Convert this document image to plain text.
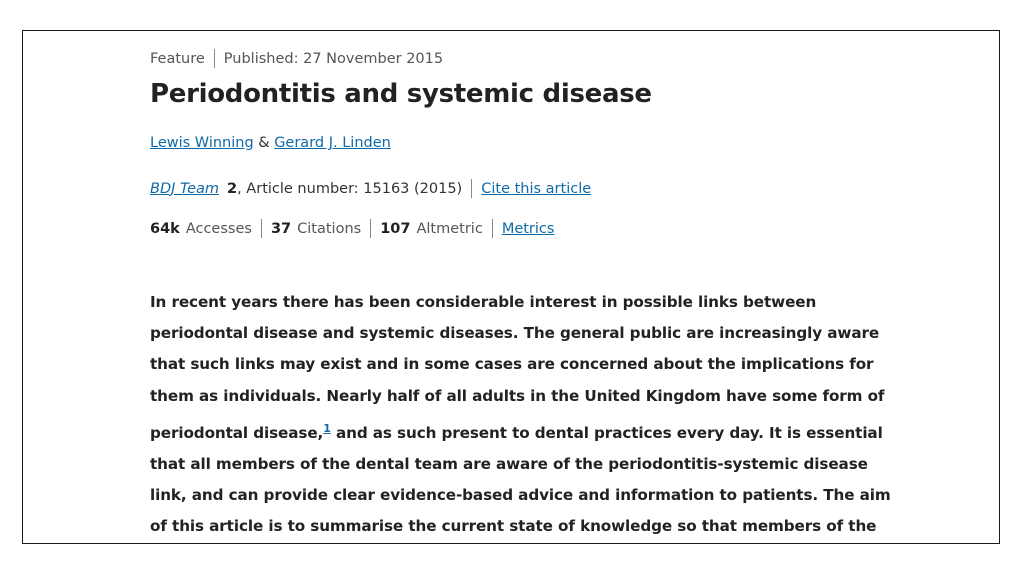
Feature Published: 27 November 2015
Periodontitis and systemic disease
Lewis Winning & Gerard J. Linden
BDJ Team 2 , Article number: 15163 (2015) Cite this article
64k Accesses 37 Citations 107 Altmetric Metrics

In recent years there has been considerable interest in possible links between periodontal disease and systemic diseases. The general public are increasingly aware that such links may exist and in some cases are concerned about the implications for them as individuals. Nearly half of all adults in the United Kingdom have some form of periodontal disease,$^1$ and as such present to dental practices every day. It is essential that all members of the dental team are aware of the periodontitis-systemic disease link, and can provide clear evidence-based advice and information to patients. The aim of this article is to summarise the current state of knowledge so that members of the
